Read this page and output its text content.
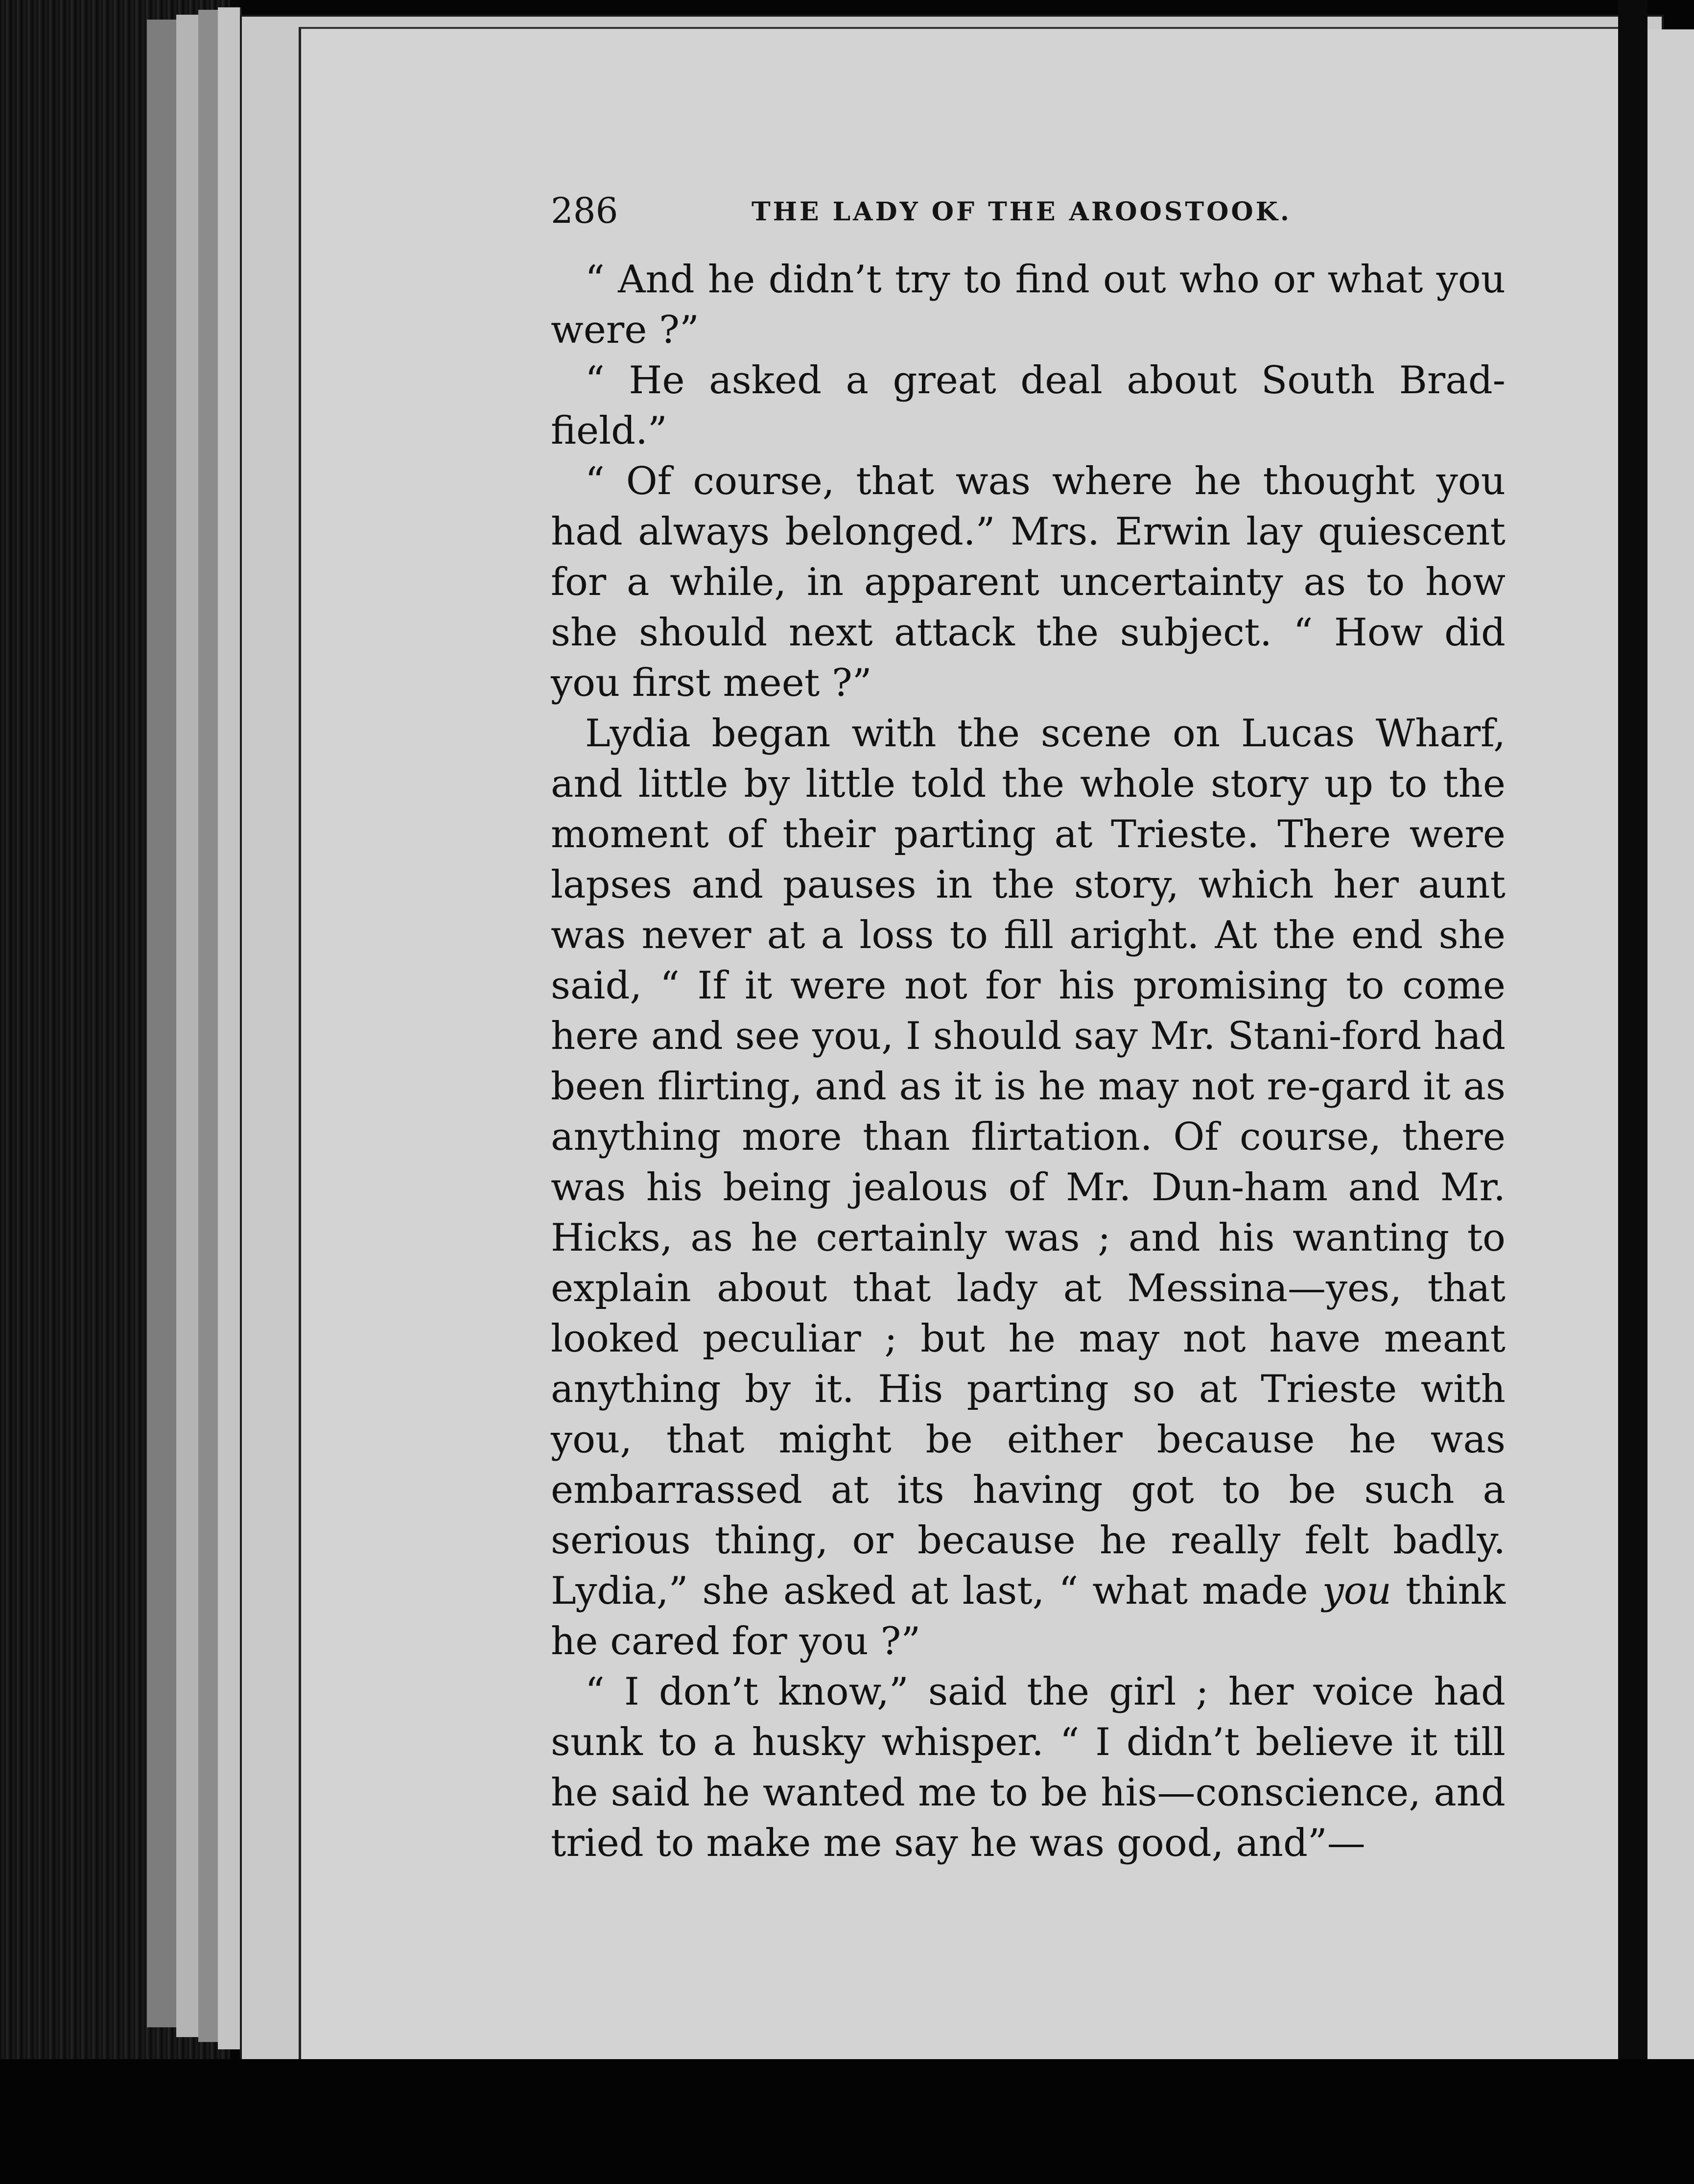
286	THE LADY OF THE AROOSTOOK.

“ And he didn’t try to find out who or what you were ?”

“ He asked a great deal about South Brad-field.”

“ Of course, that was where he thought you had always belonged.” Mrs. Erwin lay quiescent for a while, in apparent uncertainty as to how she should next attack the subject. “ How did you first meet ?”

Lydia began with the scene on Lucas Wharf, and little by little told the whole story up to the moment of their parting at Trieste. There were lapses and pauses in the story, which her aunt was never at a loss to fill aright. At the end she said, “ If it were not for his promising to come here and see you, I should say Mr. Stani-ford had been flirting, and as it is he may not re-gard it as anything more than flirtation. Of course, there was his being jealous of Mr. Dun-ham and Mr. Hicks, as he certainly was ; and his wanting to explain about that lady at Messina—yes, that looked peculiar ; but he may not have meant anything by it. His parting so at Trieste with you, that might be either because he was embarrassed at its having got to be such a serious thing, or because he really felt badly. Lydia,” she asked at last, “ what made you think he cared for you ?”

“ I don’t know,” said the girl ; her voice had sunk to a husky whisper. “ I didn’t believe it till he said he wanted me to be his—conscience, and tried to make me say he was good, and”—
